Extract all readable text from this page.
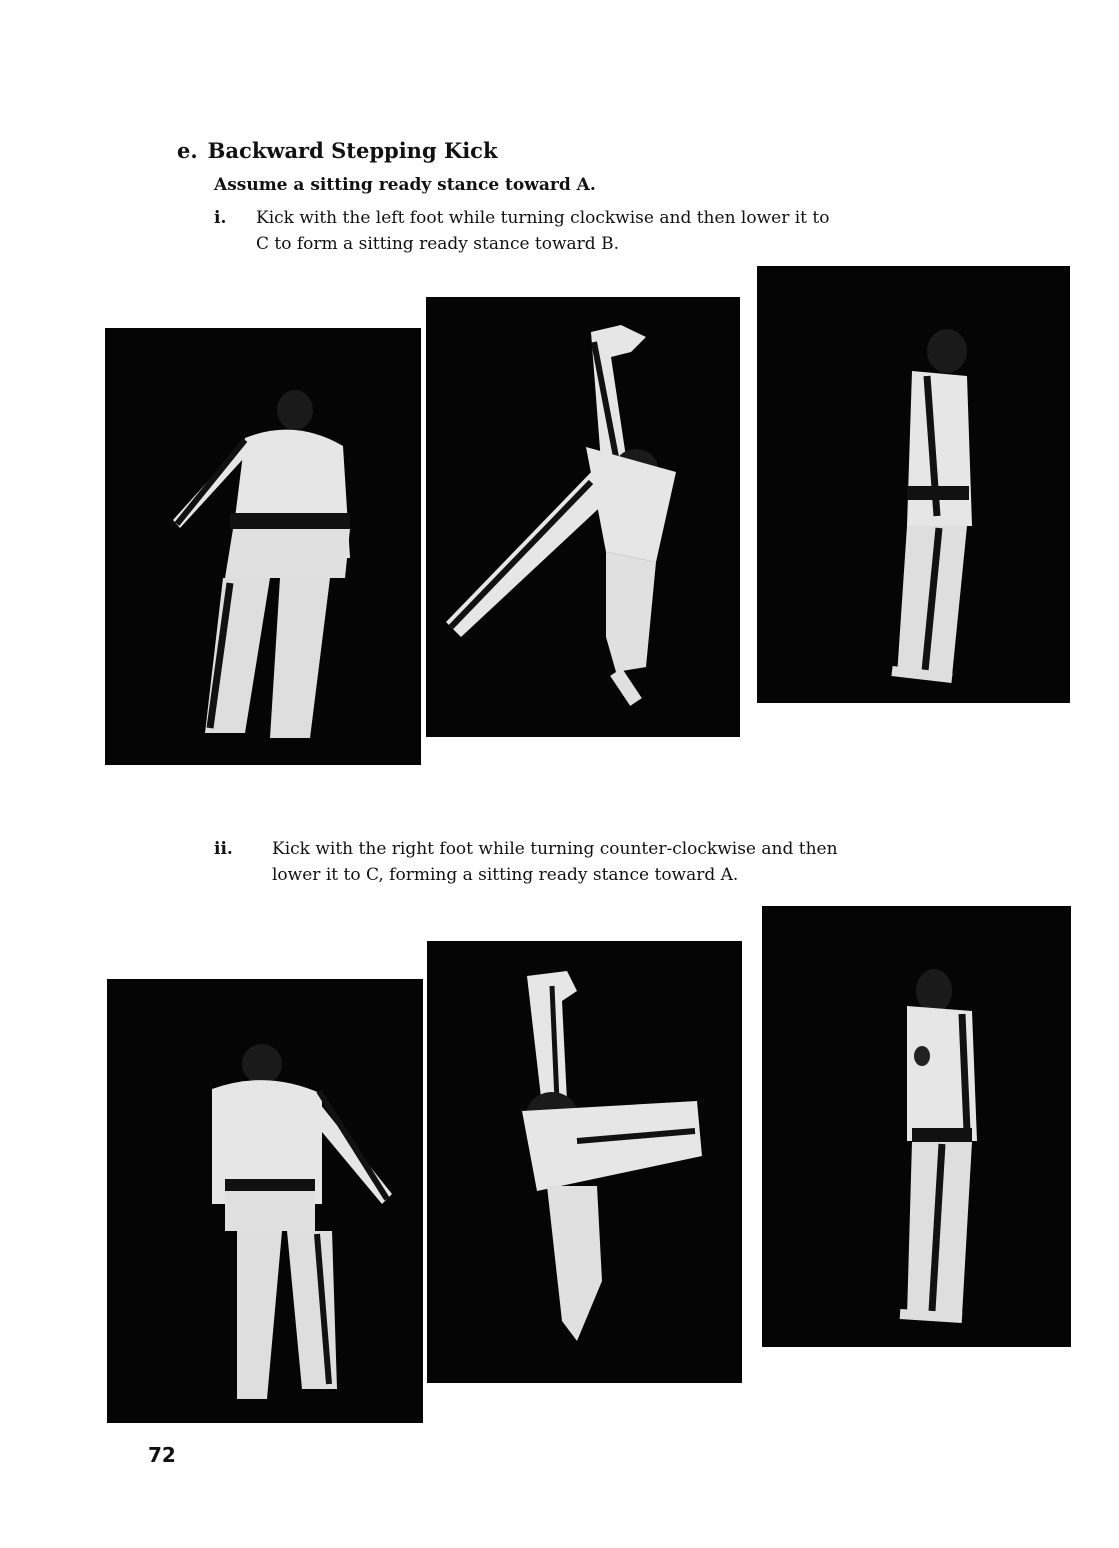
e. Backward Stepping Kick
Assume a sitting ready stance toward A.
i. Kick with the left foot while turning clockwise and then lower it to
C to form a sitting ready stance toward B.
ii. Kick with the right foot while turning counter-clockwise and then
lower it to C, forming a sitting ready stance toward A.
72
